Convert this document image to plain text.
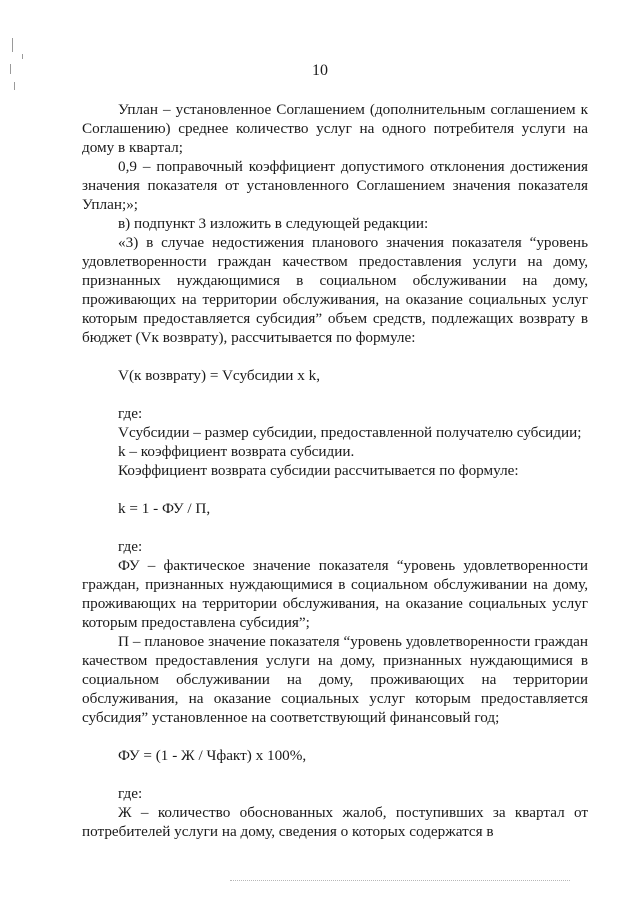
10

Уплан – установленное Соглашением (дополнительным соглашением к Соглашению) среднее количество услуг на одного потребителя услуги на дому в квартал;

0,9 – поправочный коэффициент допустимого отклонения достижения значения показателя от установленного Соглашением значения показателя Уплан;»;

в) подпункт 3 изложить в следующей редакции:

«3) в случае недостижения планового значения показателя “уровень удовлетворенности граждан качеством предоставления услуги на дому, признанных нуждающимися в социальном обслуживании на дому, проживающих на территории обслуживания, на оказание социальных услуг которым предоставляется субсидия” объем средств, подлежащих возврату в бюджет (Vк возврату), рассчитывается по формуле:

V(к возврату) = Vсубсидии x k,

где:

Vсубсидии – размер субсидии, предоставленной получателю субсидии;

k – коэффициент возврата субсидии.

Коэффициент возврата субсидии рассчитывается по формуле:

k = 1 - ФУ / П,

где:

ФУ – фактическое значение показателя “уровень удовлетворенности граждан, признанных нуждающимися в социальном обслуживании на дому, проживающих на территории обслуживания, на оказание социальных услуг которым предоставлена субсидия”;

П – плановое значение показателя “уровень удовлетворенности граждан качеством предоставления услуги на дому, признанных нуждающимися в социальном обслуживании на дому, проживающих на территории обслуживания, на оказание социальных услуг которым предоставляется субсидия” установленное на соответствующий финансовый год;

ФУ = (1 - Ж / Чфакт) x 100%,

где:

Ж – количество обоснованных жалоб, поступивших за квартал от потребителей услуги на дому, сведения о которых содержатся в
